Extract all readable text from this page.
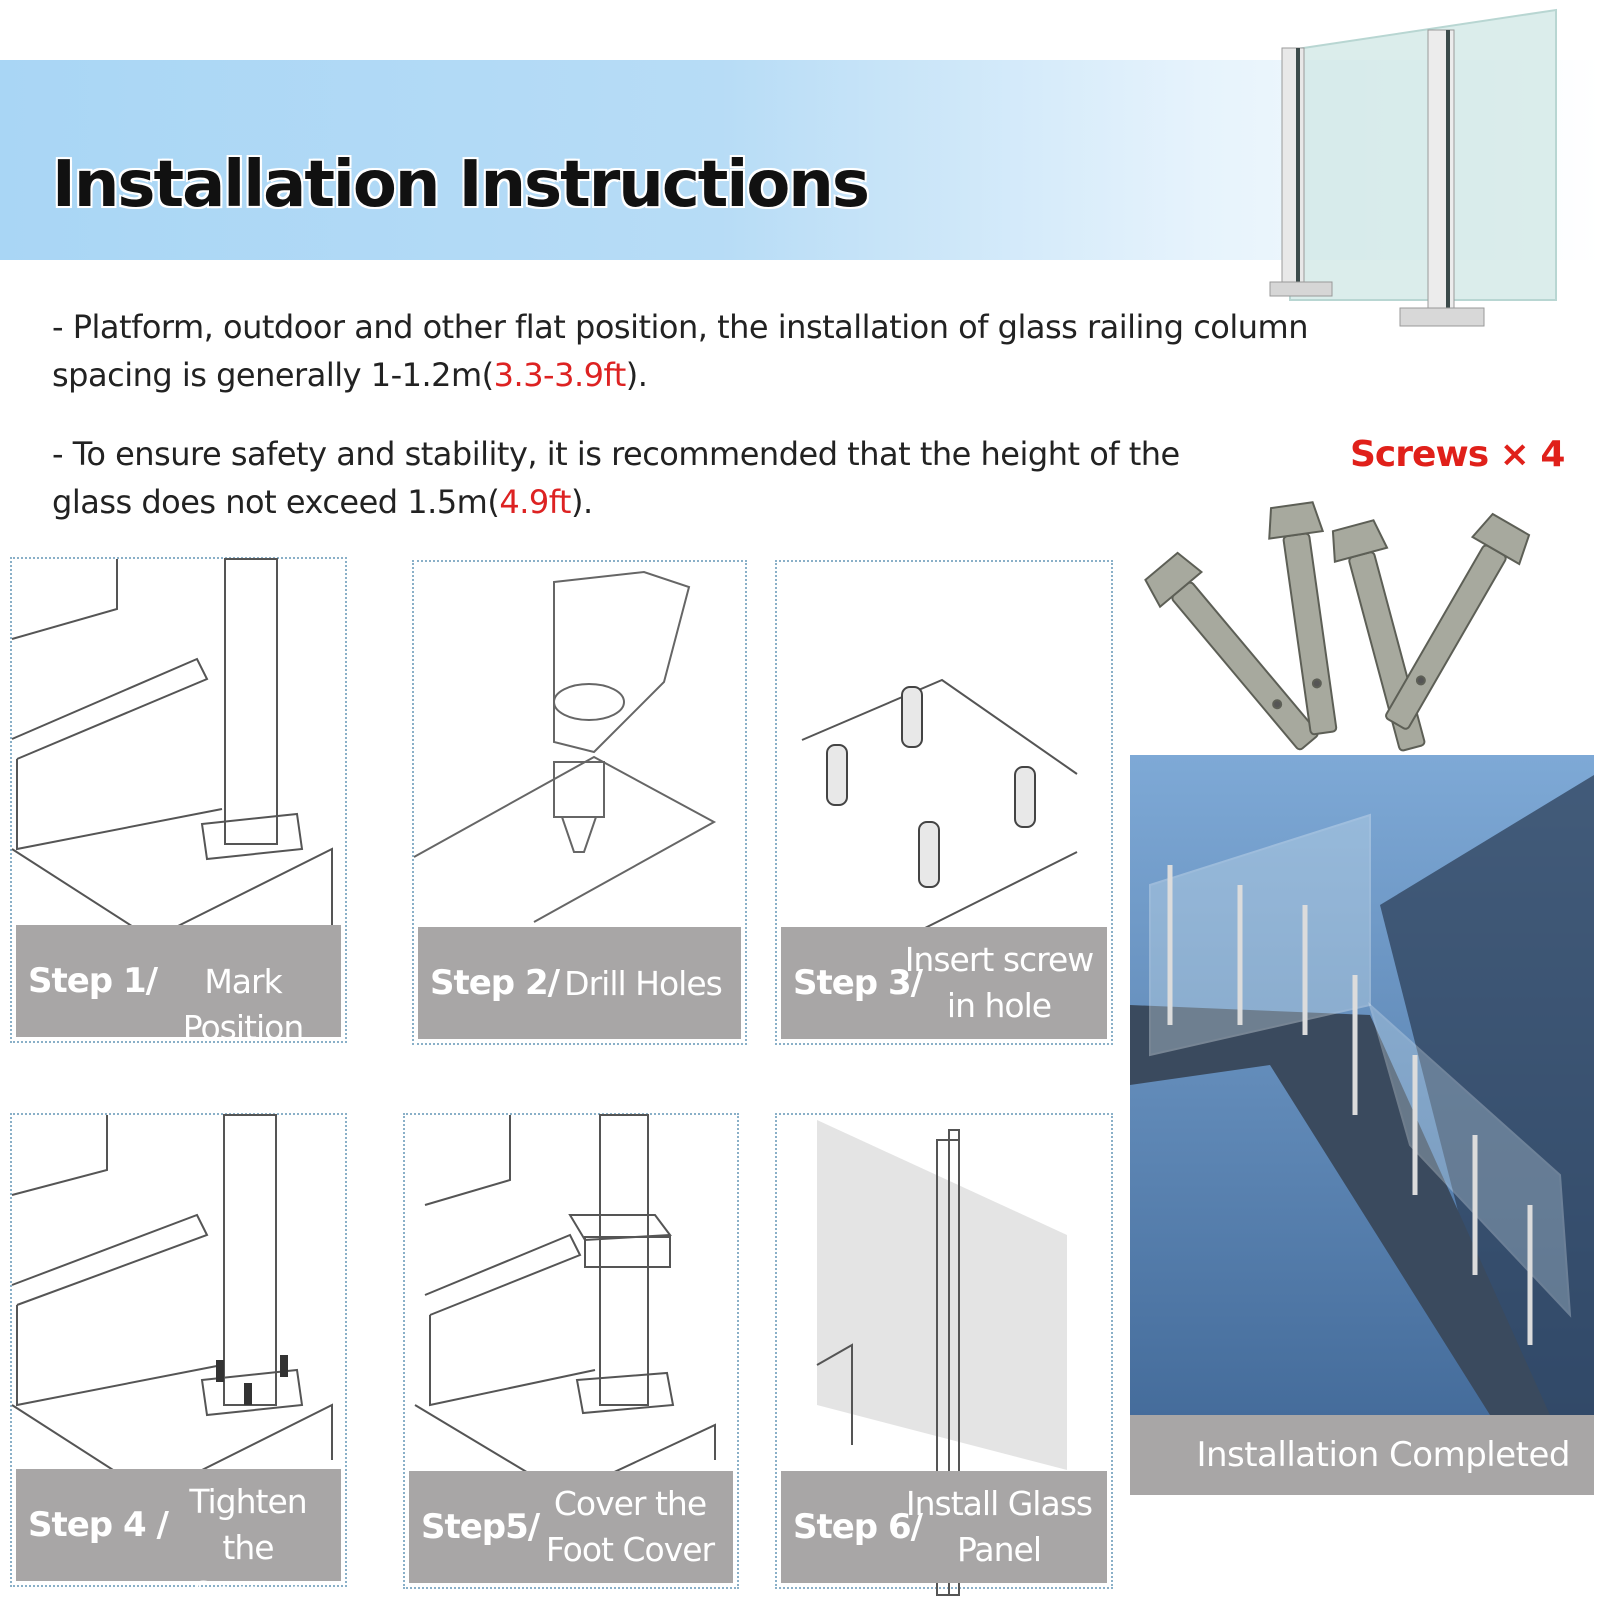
Installation Instructions
- Platform, outdoor and other flat position, the installation of glass railing column spacing is generally 1-1.2m(3.3-3.9ft).
- To ensure safety and stability, it is recommended that the height of the glass does not exceed 1.5m(4.9ft).
Screws × 4
Step 1/	Mark Position
Step 2/ Drill Holes	Step 3/
Insert screw in hole
Step 4 /
Tighten the Screws
Step5/
Cover the Foot Cover
Step 6/
Install Glass Panel
Installation Completed
